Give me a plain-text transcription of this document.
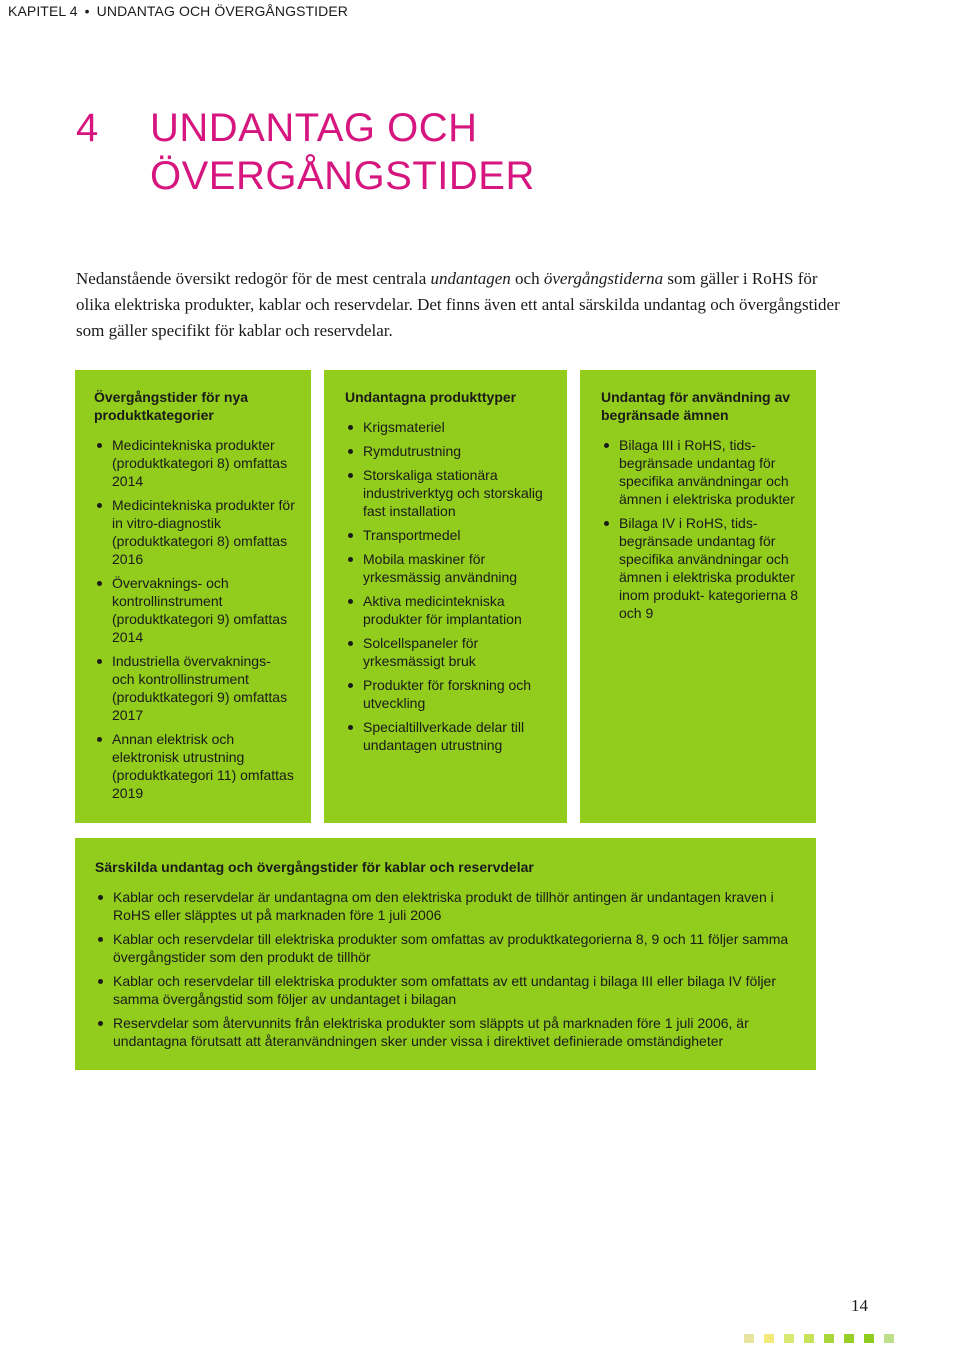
KAPITEL 4 • UNDANTAG OCH ÖVERGÅNGSTIDER
4 UNDANTAG OCH ÖVERGÅNGSTIDER

Nedanstående översikt redogör för de mest centrala undantagen och övergångstiderna som gäller i RoHS för olika elektriska produkter, kablar och reservdelar. Det finns även ett antal särskilda undantag och övergångstider som gäller specifikt för kablar och reservdelar.

Övergångstider för nya produktkategorier

Medicintekniska produkter (produktkategori 8) omfattas 2014
Medicintekniska produkter för in vitro-diagnostik (produktkategori 8) omfattas 2016
Övervaknings- och kontrollinstrument (produktkategori 9) omfattas 2014
Industriella övervaknings- och kontrollinstrument (produktkategori 9) omfattas 2017
Annan elektrisk och elektronisk utrustning (produktkategori 11) omfattas 2019

Undantagna produkttyper

Krigsmateriel
Rymdutrustning
Storskaliga stationära industriverktyg och storskalig fast installation
Transportmedel
Mobila maskiner för yrkesmässig användning
Aktiva medicintekniska produkter för implantation
Solcellspaneler för yrkesmässigt bruk
Produkter för forskning och utveckling
Specialtillverkade delar till undantagen utrustning

Undantag för användning av begränsade ämnen

Bilaga III i RoHS, tids- begränsade undantag för specifika användningar och ämnen i elektriska produkter
Bilaga IV i RoHS, tids- begränsade undantag för specifika användningar och ämnen i elektriska produkter inom produkt- kategorierna 8 och 9

Särskilda undantag och övergångstider för kablar och reservdelar

Kablar och reservdelar är undantagna om den elektriska produkt de tillhör antingen är undantagen kraven i RoHS eller släpptes ut på marknaden före 1 juli 2006
Kablar och reservdelar till elektriska produkter som omfattas av produktkategorierna 8, 9 och 11 följer samma övergångstider som den produkt de tillhör
Kablar och reservdelar till elektriska produkter som omfattats av ett undantag i bilaga III eller bilaga IV följer samma övergångstid som följer av undantaget i bilagan
Reservdelar som återvunnits från elektriska produkter som släppts ut på marknaden före 1 juli 2006, är undantagna förutsatt att återanvändningen sker under vissa i direktivet definierade omständigheter
14
